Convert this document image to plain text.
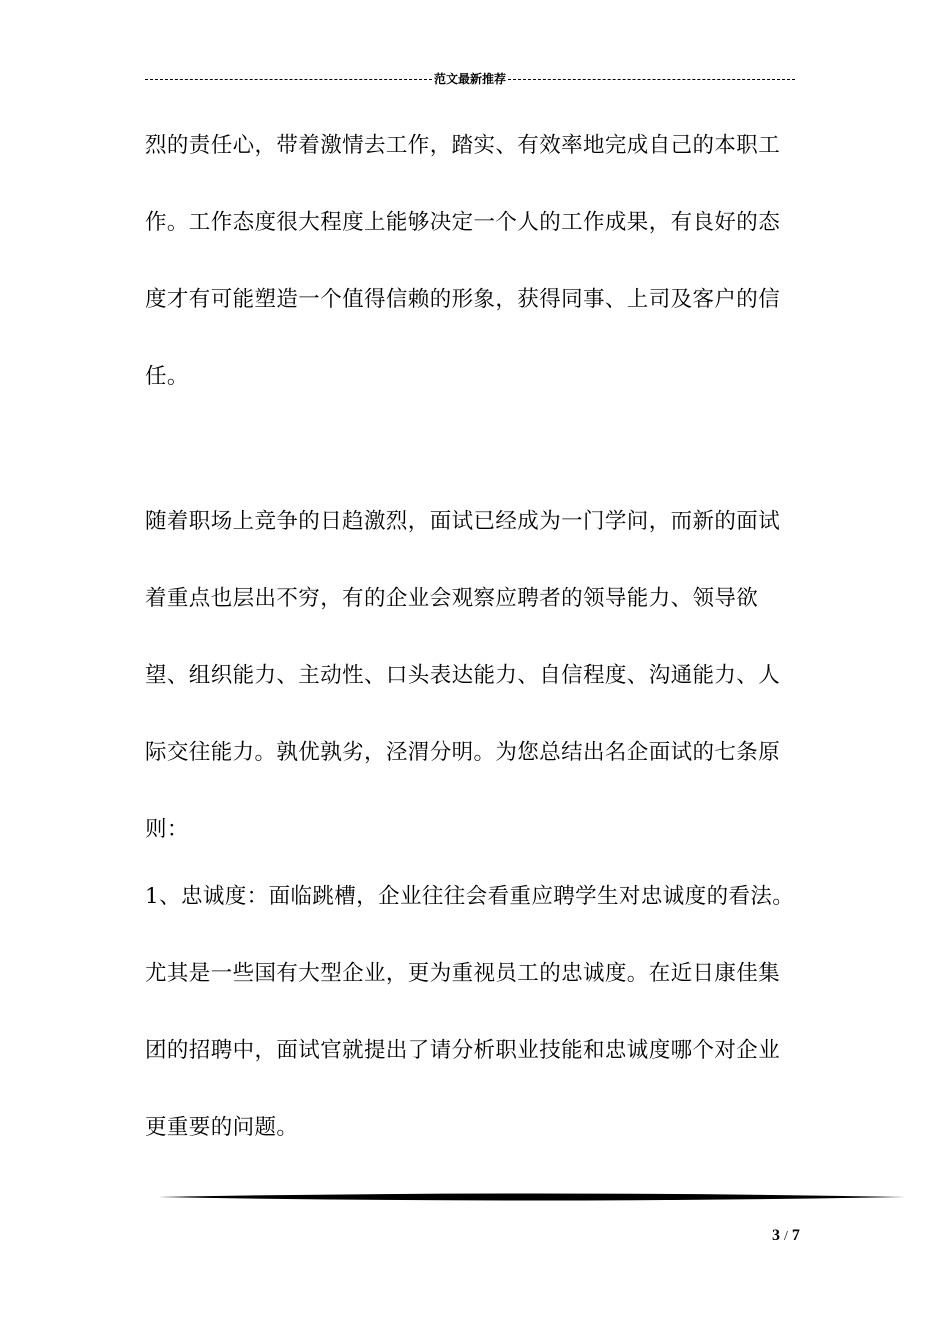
范文最新推荐
烈的责任心，带着激情去工作，踏实、有效率地完成自己的本职工
作。工作态度很大程度上能够决定一个人的工作成果，有良好的态
度才有可能塑造一个值得信赖的形象，获得同事、上司及客户的信
任。
随着职场上竞争的日趋激烈，面试已经成为一门学问，而新的面试
着重点也层出不穷，有的企业会观察应聘者的领导能力、领导欲
望、组织能力、主动性、口头表达能力、自信程度、沟通能力、人
际交往能力。孰优孰劣，泾渭分明。为您总结出名企面试的七条原
则：
1、忠诚度：面临跳槽，企业往往会看重应聘学生对忠诚度的看法。
尤其是一些国有大型企业，更为重视员工的忠诚度。在近日康佳集
团的招聘中，面试官就提出了请分析职业技能和忠诚度哪个对企业
更重要的问题。
3 / 7
